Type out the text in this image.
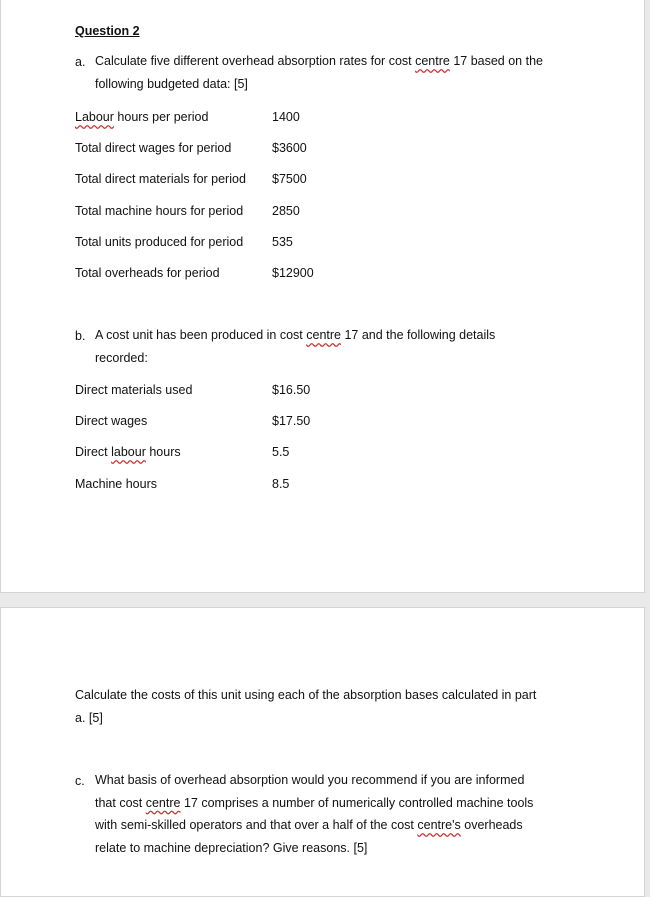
Question 2
a. Calculate five different overhead absorption rates for cost centre 17 based on the
following budgeted data: [5]
Labour hours per period	1400
Total direct wages for period	$3600
Total direct materials for period $7500
Total machine hours for period 2850
Total units produced for period 535
Total overheads for period	$12900
b. A cost unit has been produced in cost centre 17 and the following details
recorded:
Direct materials used	$16.50
Direct wages	$17.50
Direct labour hours	5.5
Machine hours	8.5
Calculate the costs of this unit using each of the absorption bases calculated in part
a. [5]
c. What basis of overhead absorption would you recommend if you are informed
that cost centre 17 comprises a number of numerically controlled machine tools
with semi-skilled operators and that over a half of the cost centre's overheads
relate to machine depreciation? Give reasons. [5]
